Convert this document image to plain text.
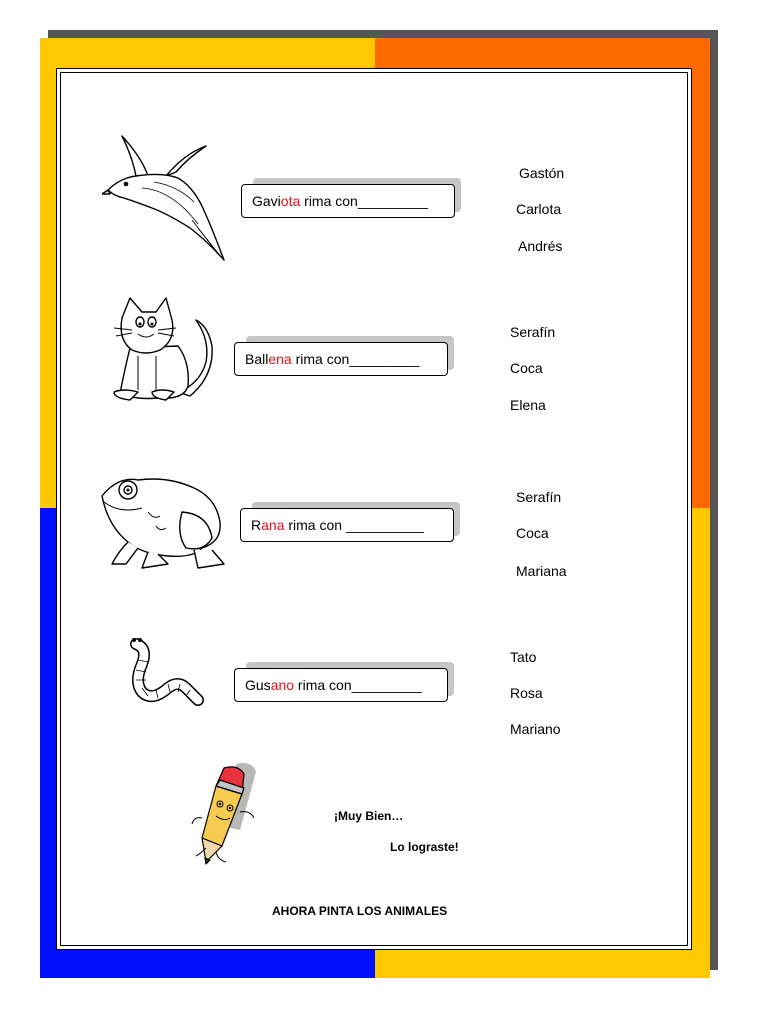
Gaviota rima con_________
Gastón
Carlota
Andrés
Ballena rima con_________
Serafín
Coca
Elena
Rana rima con __________
Serafín
Coca
Mariana
Gusano rima con_________
Tato
Rosa
Mariano
¡Muy Bien…
Lo lograste!
AHORA PINTA LOS ANIMALES
